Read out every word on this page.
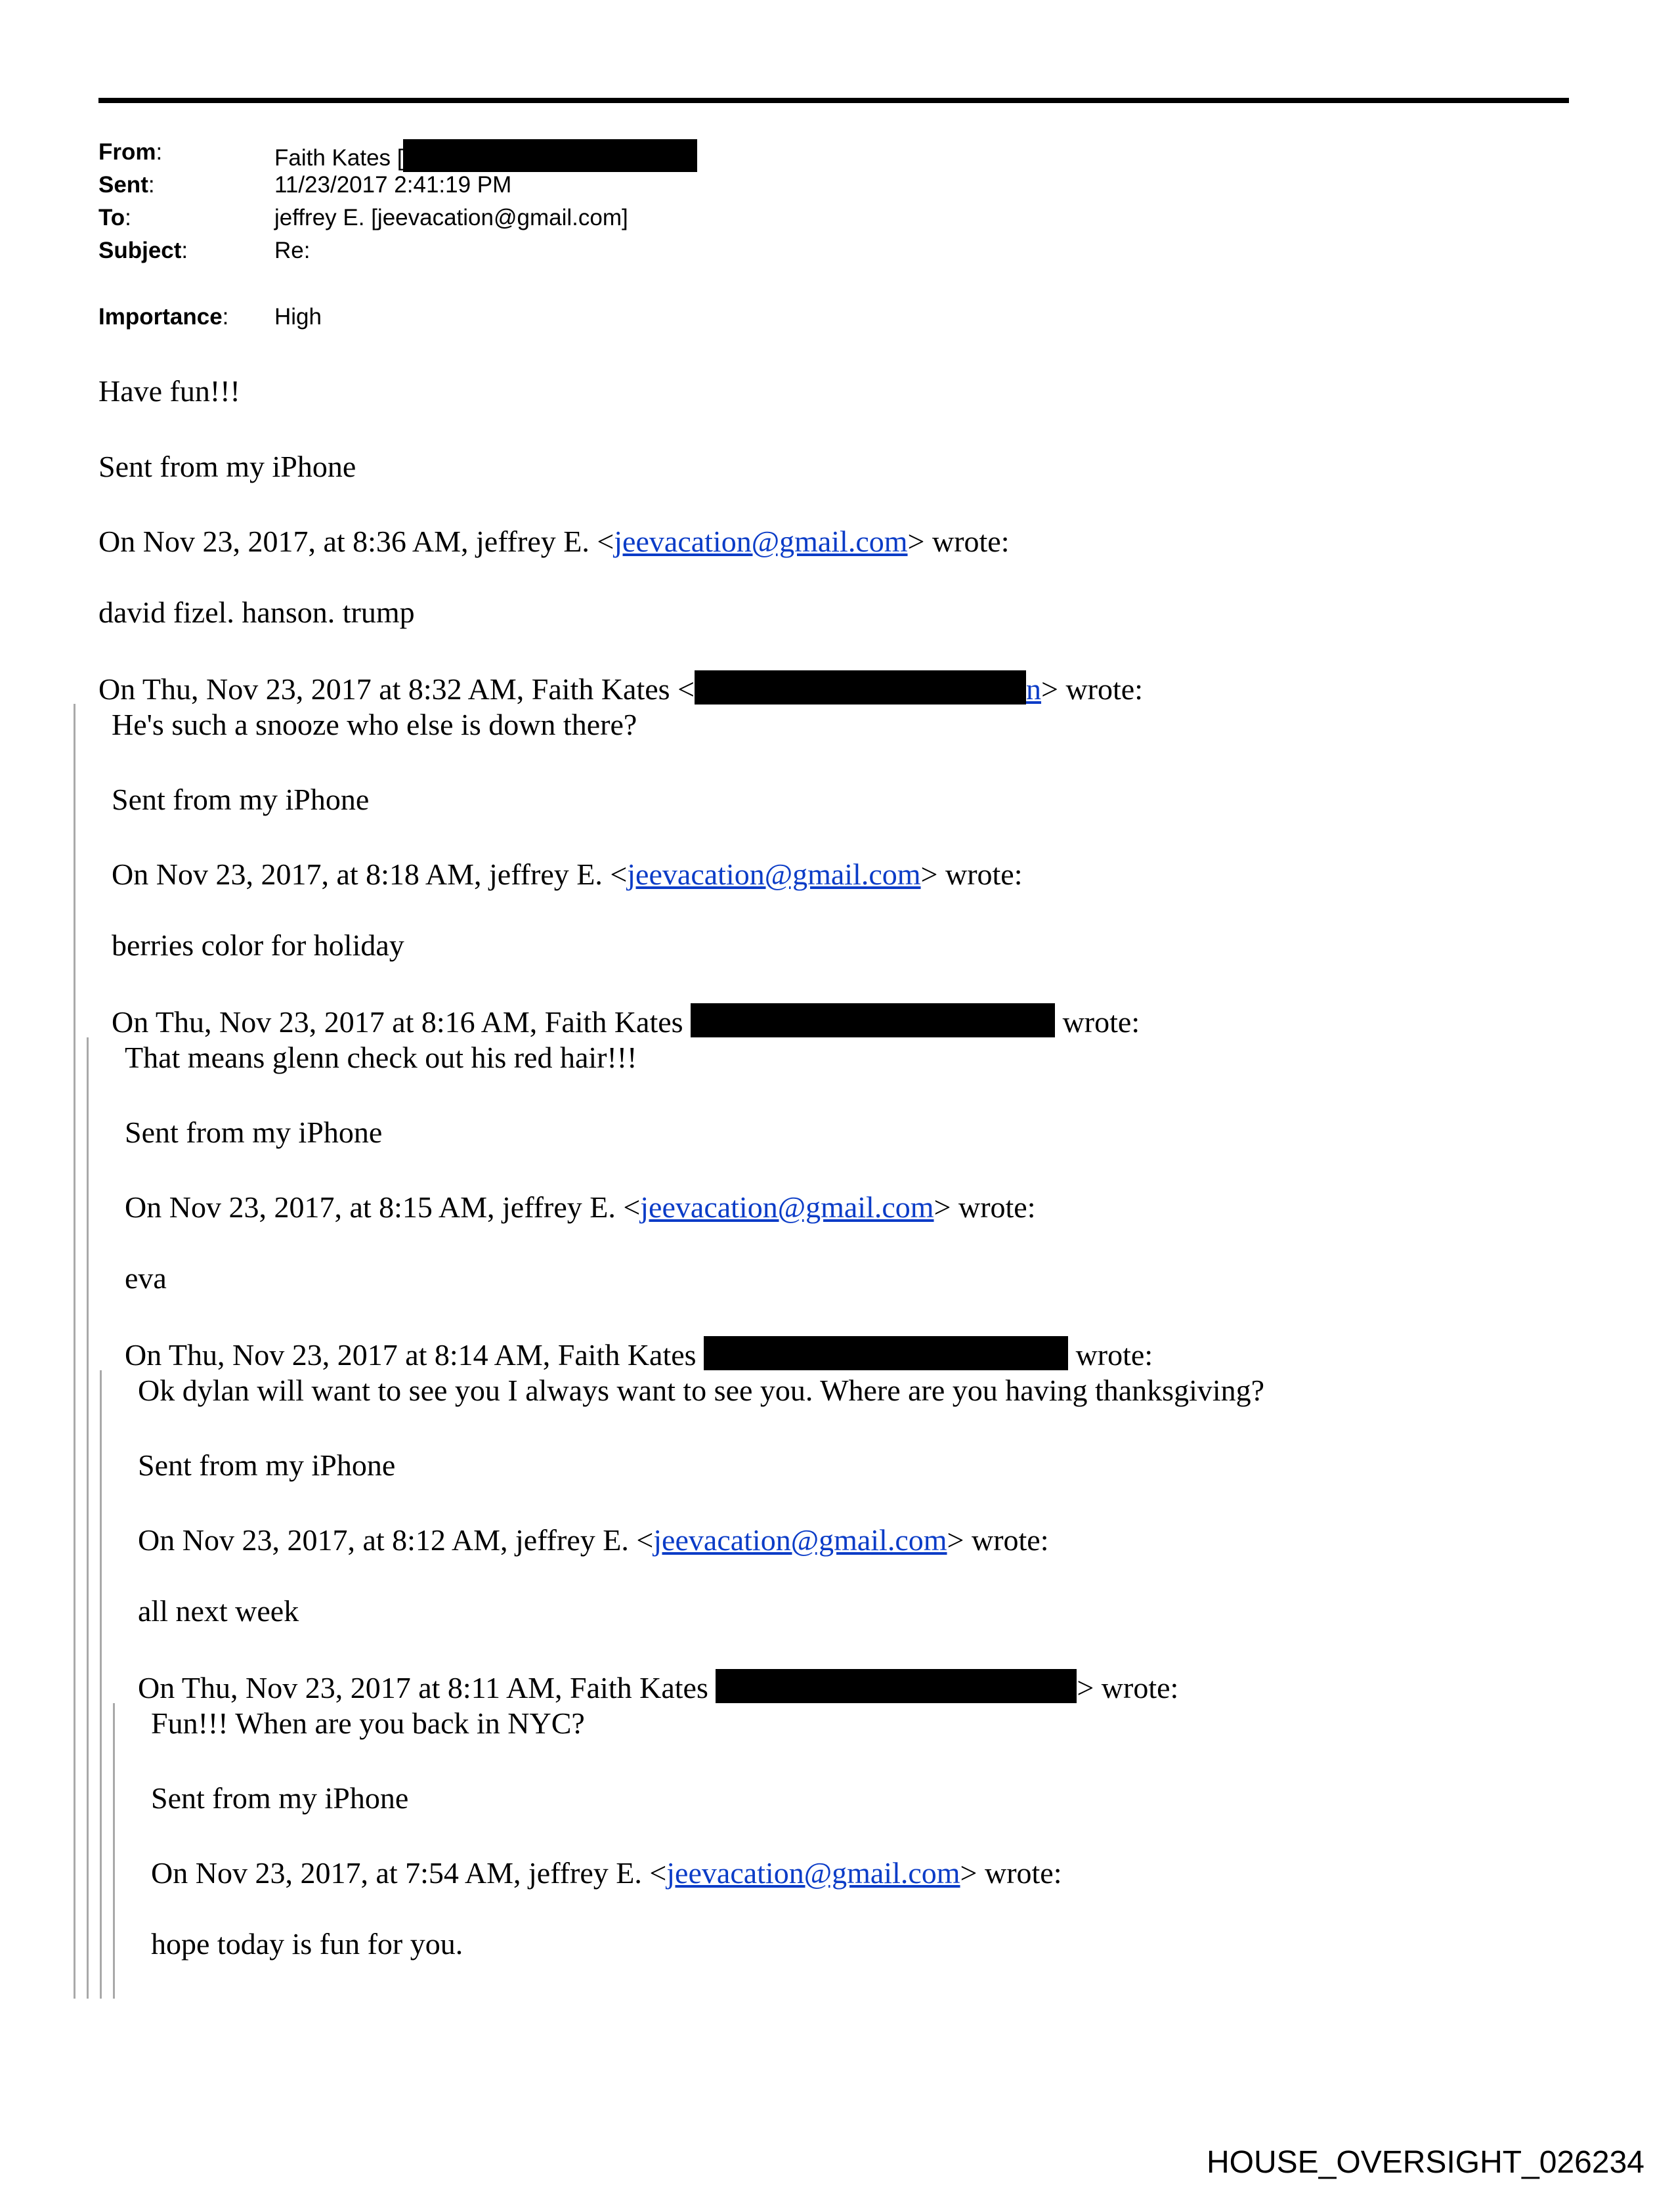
From:	Faith Kates [
Sent:	11/23/2017 2:41:19 PM
To:	jeffrey E. [jeevacation@gmail.com]
Subject:	Re:
Importance: High
Have fun!!!
Sent from my iPhone
On Nov 23, 2017, at 8:36 AM, jeffrey E. <jeevacation@gmail.com> wrote:
david fizel. hanson. trump
On Thu, Nov 23, 2017 at 8:32 AM, Faith Kates <	n> wrote:
He's such a snooze who else is down there?
Sent from my iPhone
On Nov 23, 2017, at 8:18 AM, jeffrey E. <jeevacation@gmail.com> wrote:
berries color for holiday
On Thu, Nov 23, 2017 at 8:16 AM, Faith Kates	wrote:
That means glenn check out his red hair!!!
Sent from my iPhone
On Nov 23, 2017, at 8:15 AM, jeffrey E. <jeevacation@gmail.com> wrote:
eva
On Thu, Nov 23, 2017 at 8:14 AM, Faith Kates	wrote:
Ok dylan will want to see you I always want to see you. Where are you having thanksgiving?
Sent from my iPhone
On Nov 23, 2017, at 8:12 AM, jeffrey E. <jeevacation@gmail.com> wrote:
all next week
On Thu, Nov 23, 2017 at 8:11 AM, Faith Kates	> wrote:
Fun!!! When are you back in NYC?
Sent from my iPhone
On Nov 23, 2017, at 7:54 AM, jeffrey E. <jeevacation@gmail.com> wrote:
hope today is fun for you.
HOUSE_OVERSIGHT_026234
